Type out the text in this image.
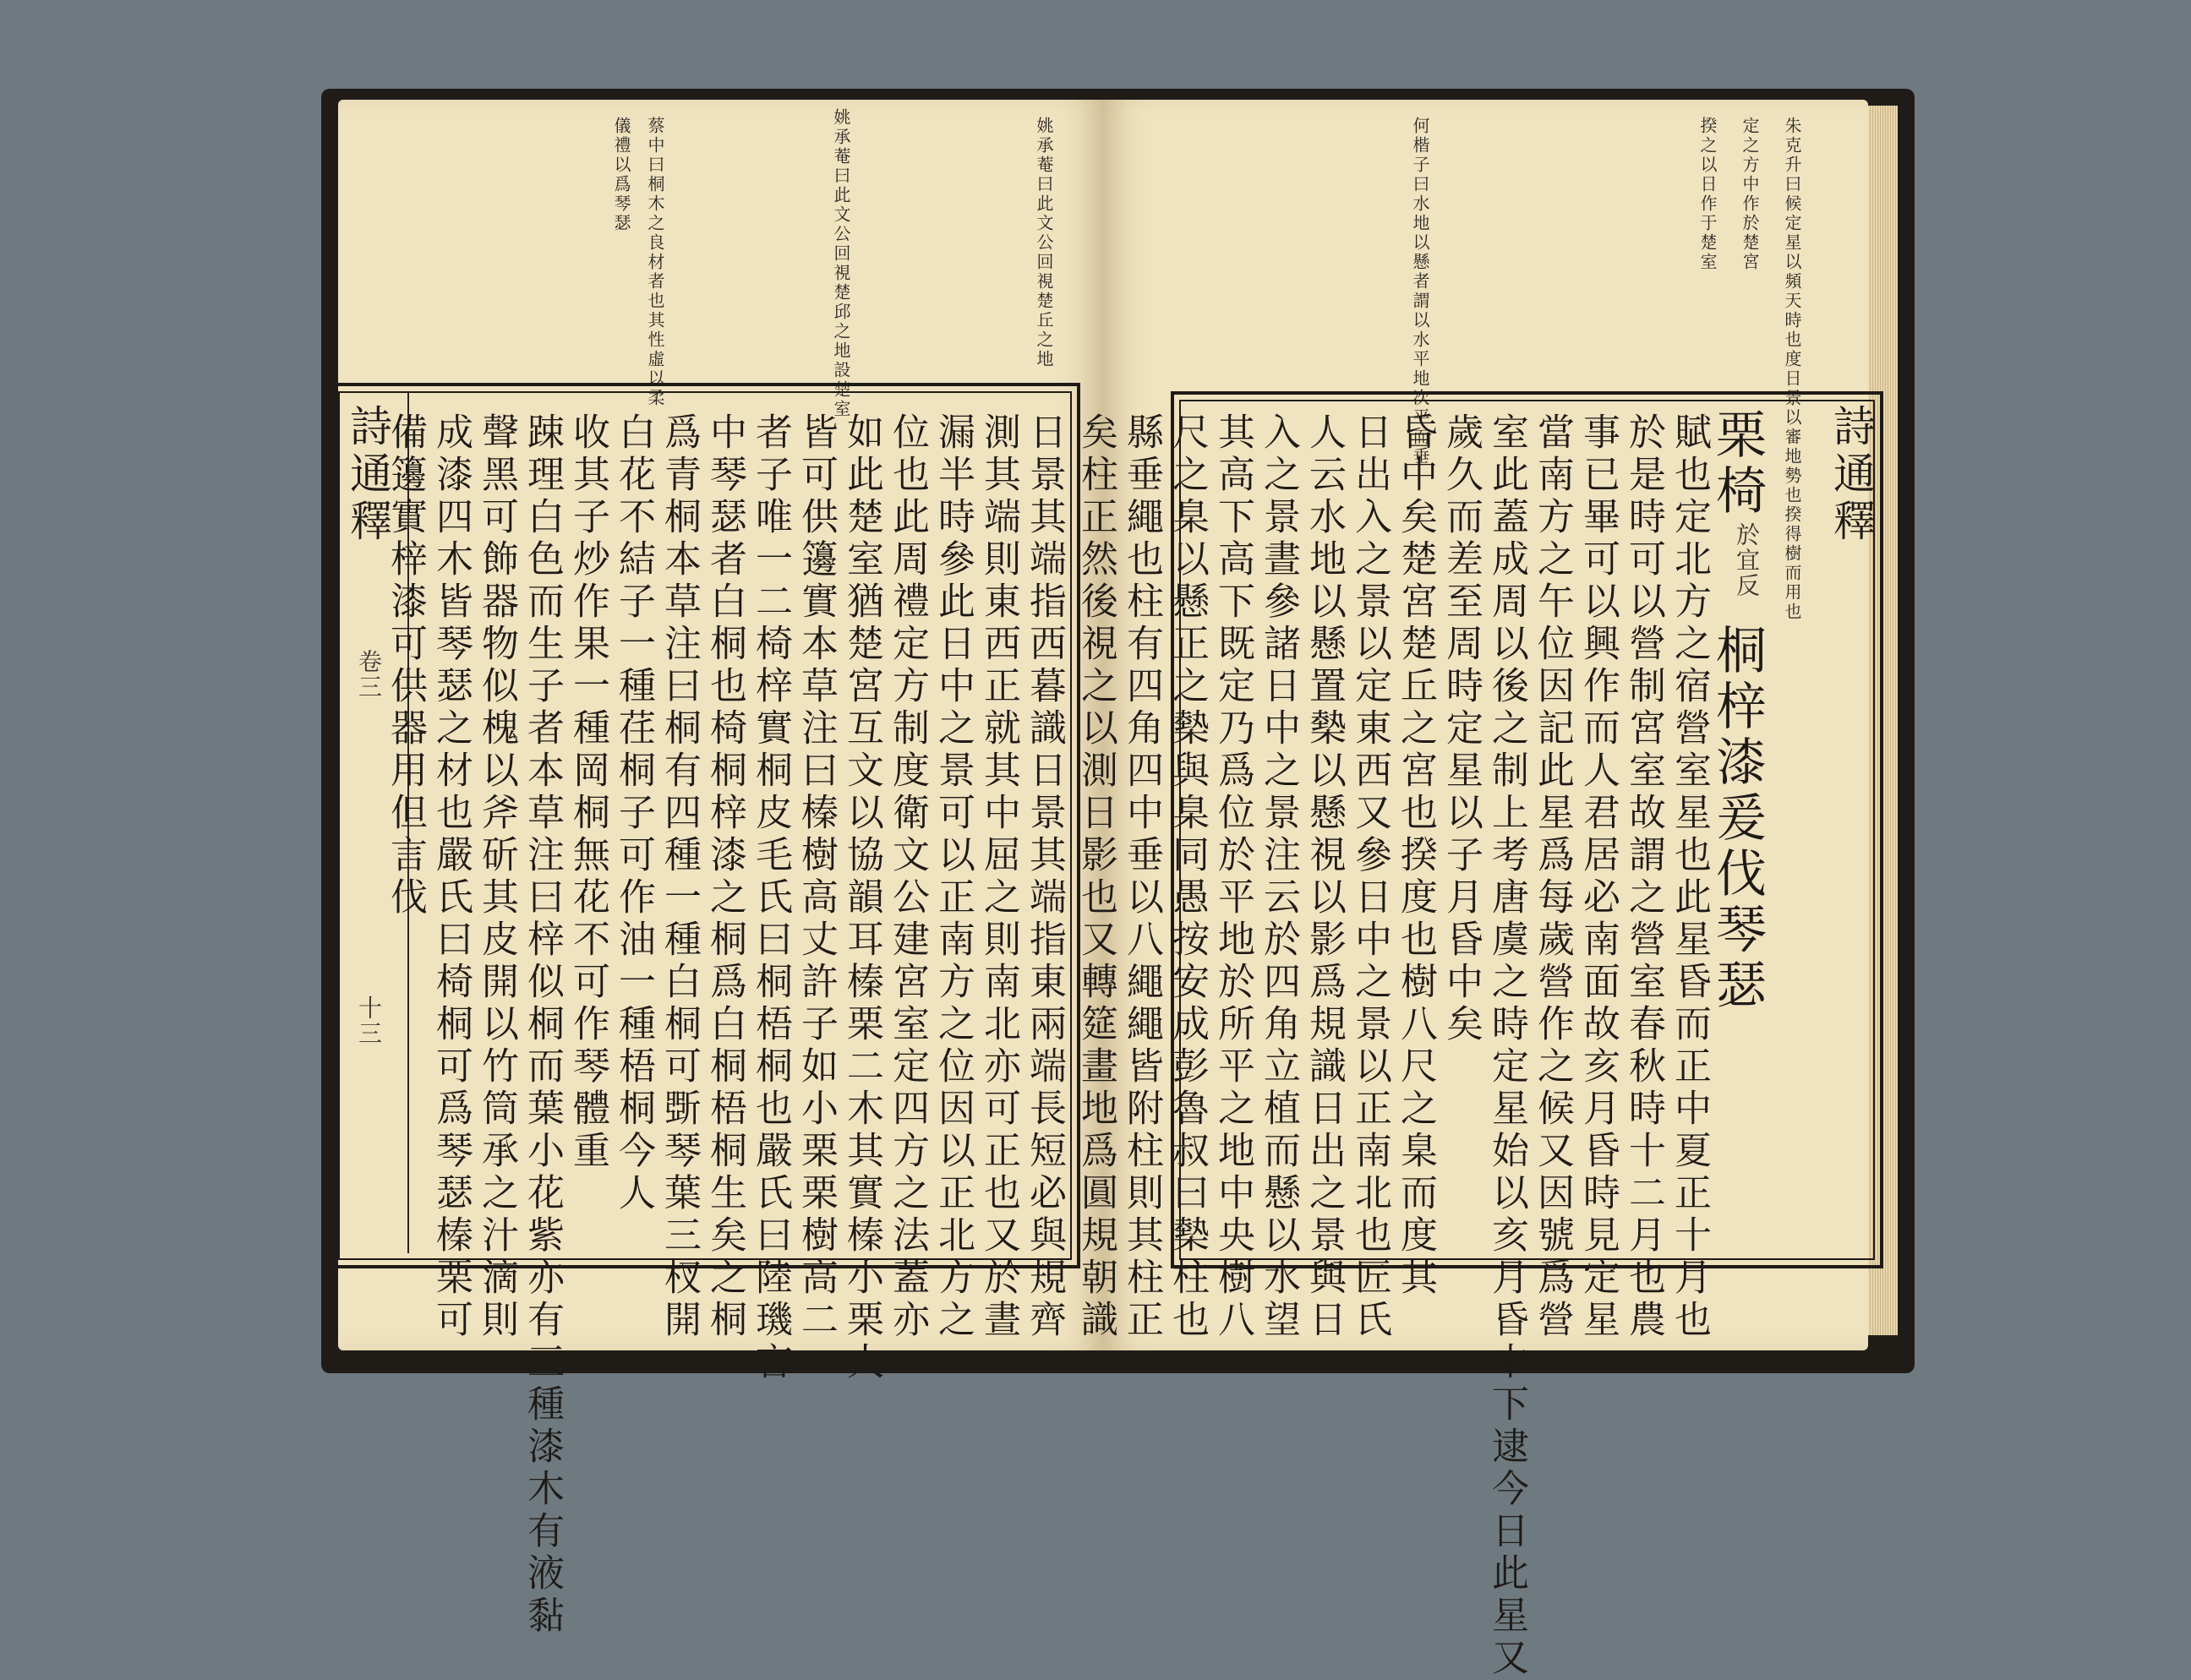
姚承菴曰此文公回視楚丘之地
姚承菴曰此文公回視楚邱之地設楚室
蔡中曰桐木之良材者也其性虛以柔
儀禮以爲琴瑟
詩通釋
卷三
十三	日景其端指西暮識日景其端指東兩端長短必與規齊
測其端則東西正就其中屈之則南北亦可正也又於晝
漏半時參此日中之景可以正南方之位因以正北方之
位也此周禮定方制度衛文公建宮室定四方之法蓋亦
如此楚室猶楚宮互文以協韻耳榛栗二木其實榛小栗大
皆可供籩實本草注曰榛樹高丈許子如小栗栗樹高二
者子唯一二椅梓實桐皮毛氏曰桐梧桐也嚴氏曰陸璣言
中琴瑟者白桐也椅桐梓漆之桐爲白桐梧桐生矣之桐
爲青桐本草注曰桐有四種一種白桐可斲琴葉三杈開
白花不結子一種荏桐子可作油一種梧桐今人
收其子炒作果一種岡桐無花不可作琴體重
踈理白色而生子者本草注曰梓似桐而葉小花紫亦有三種漆木有液黏
聲黑可飾器物似槐以斧斫其皮開以竹筒承之汁滴則
成漆四木皆琴瑟之材也嚴氏曰椅桐可爲琴瑟榛栗可
備籩實梓漆可供器用但言伐
朱克升曰候定星以頻天時也度日景以審地勢也揆得樹而用也
定之方中作於楚宮
何楷子曰水地以懸者謂以水平地次平而垂	揆之以日作于楚室
詩通釋
栗椅
於宜反
桐梓漆爰伐琴瑟
賦也定北方之宿營室星也此星昏而正中夏正十月也
於是時可以營制宮室故謂之營室春秋時十二月也農
事已畢可以興作而人君居必南面故亥月昏時見定星
當南方之午位因記此星爲每歲營作之候又因號爲營
室此蓋成周以後之制上考唐虞之時定星始以亥月昏中下逮今日此星又
歲久而差至周時定星以子月昏中矣
昏中矣楚宮楚丘之宮也揆度也樹八尺之臬而度其
日出入之景以定東西又參日中之景以正南北也匠氏
人云水地以懸置槷以懸視以影爲規識日出之景與日
入之景晝參諸日中之景注云於四角立植而懸以水望
其高下高下既定乃爲位於平地於所平之地中央樹八
尺之臬以懸正之槷與臬同愚按安成彭魯叔曰槷柱也
縣垂繩也柱有四角四中垂以八繩繩皆附柱則其柱正
矣柱正然後視之以測日影也又轉筵畫地爲圓規朝識
